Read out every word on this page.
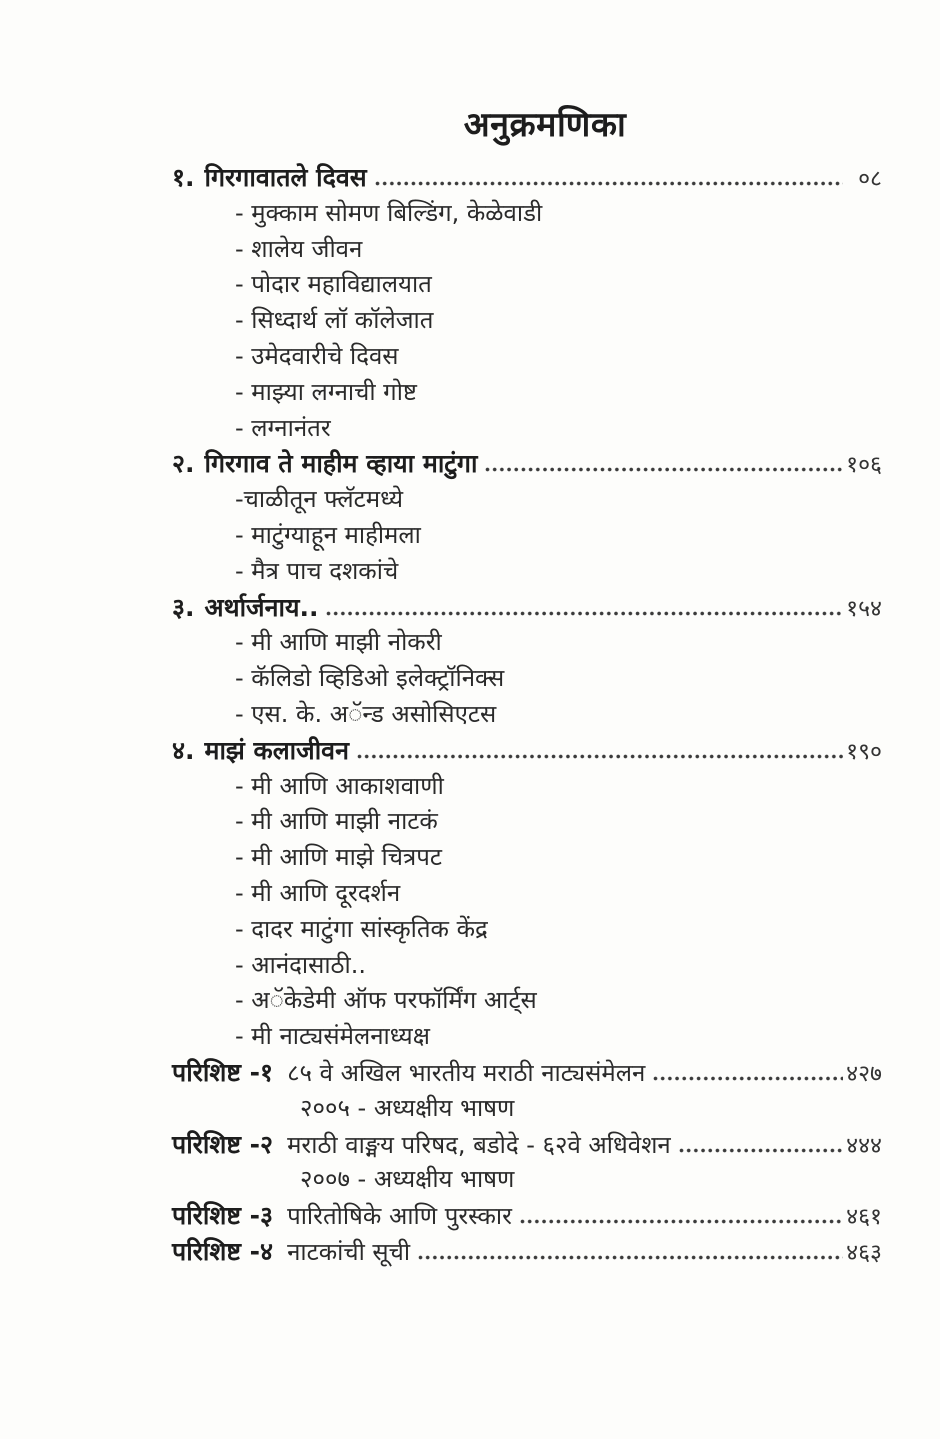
अनुक्रमणिका
१. गिरगावातले दिवस	०८
- मुक्काम सोमण बिल्डिंग, केळेवाडी
- शालेय जीवन
- पोदार महाविद्यालयात
- सिध्दार्थ लॉ कॉलेजात
- उमेदवारीचे दिवस
- माझ्या लग्नाची गोष्ट
- लग्नानंतर
२. गिरगाव ते माहीम व्हाया माटुंगा	१०६
-चाळीतून फ्लॅटमध्ये
- माटुंग्याहून माहीमला
- मैत्र पाच दशकांचे
३. अर्थार्जनाय..	१५४
- मी आणि माझी नोकरी
- कॅलिडो व्हिडिओ इलेक्ट्रॉनिक्स
- एस. के. अॅन्ड असोसिएटस
४. माझं कलाजीवन	१९०
- मी आणि आकाशवाणी
- मी आणि माझी नाटकं
- मी आणि माझे चित्रपट
- मी आणि दूरदर्शन
- दादर माटुंगा सांस्कृतिक केंद्र
- आनंदासाठी..
- अॅकेडेमी ऑफ परफॉर्मिंग आर्ट्स
- मी नाट्यसंमेलनाध्यक्ष
परिशिष्ट -१ ८५ वे अखिल भारतीय मराठी नाट्यसंमेलन	४२७
२००५ - अध्यक्षीय भाषण
परिशिष्ट -२ मराठी वाङ्मय परिषद, बडोदे - ६२वे अधिवेशन	४४४
२००७ - अध्यक्षीय भाषण
परिशिष्ट -३ पारितोषिके आणि पुरस्कार	४६१
परिशिष्ट -४ नाटकांची सूची	४६३
